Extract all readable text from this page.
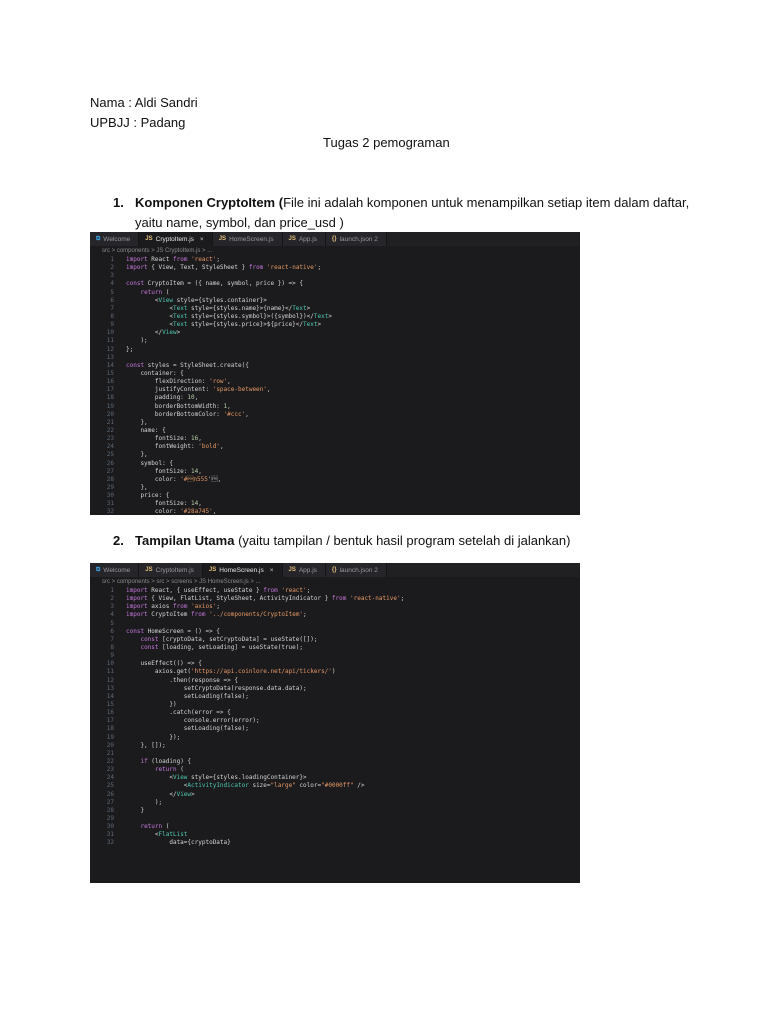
Nama : Aldi Sandri
UPBJJ : Padang
Tugas 2 pemograman
1. Komponen CryptoItem (File ini adalah komponen untuk menampilkan setiap item dalam daftar,
yaitu name, symbol, dan price_usd )
⧉ Welcome	JS CryptoItem.js ×	JS HomeScreen.js	JS App.js	{} launch.json 2
src > components > JS CryptoItem.js > ...
1	import React from 'react';
2	import { View, Text, StyleSheet } from 'react-native';
3
4	const CryptoItem = ({ name, symbol, price }) => {
5	return (
6	<View style={styles.container}>
7	<Text style={styles.name}>{name}</Text>
8	<Text style={styles.symbol}>({symbol})</Text>
9	<Text style={styles.price}>${price}</Text>
10	</View>
11	);
12	};
13
14	const styles = StyleSheet.create({
15	container: {
16	flexDirection: 'row',
17	justifyContent: 'space-between',
18	padding: 10,
19	borderBottomWidth: 1,
20	borderBottomColor: '#ccc',
21	},
22	name: {
23	fontSize: 16,
24	fontWeight: 'bold',
25	},
26	symbol: {
27	fontSize: 14,
28	color: '#n555',
29	},
30	price: {
31	fontSize: 14,
32	color: '#28a745',
2. Tampilan Utama (yaitu tampilan / bentuk hasil program setelah di jalankan)
⧉ Welcome	JS CryptoItem.js	JS HomeScreen.js ×	JS App.js	{} launch.json 2
src > components > src > screens > JS HomeScreen.js > ...
1	import React, { useEffect, useState } from 'react';
2	import { View, FlatList, StyleSheet, ActivityIndicator } from 'react-native';
3	import axios from 'axios';
4	import CryptoItem from '../components/CryptoItem';
5
6	const HomeScreen = () => {
7	const [cryptoData, setCryptoData] = useState([]);
8	const [loading, setLoading] = useState(true);
9
10	useEffect(() => {
11	axios.get('https://api.coinlore.net/api/tickers/')
12	.then(response => {
13	setCryptoData(response.data.data);
14	setLoading(false);
15	})
16	.catch(error => {
17	console.error(error);
18	setLoading(false);
19	});
20	}, []);
21
22	if (loading) {
23	return (
24	<View style={styles.loadingContainer}>
25	<ActivityIndicator size="large" color="#0000ff" />
26	</View>
27	);
28	}
29
30	return (
31	<FlatList
32	data={cryptoData}
